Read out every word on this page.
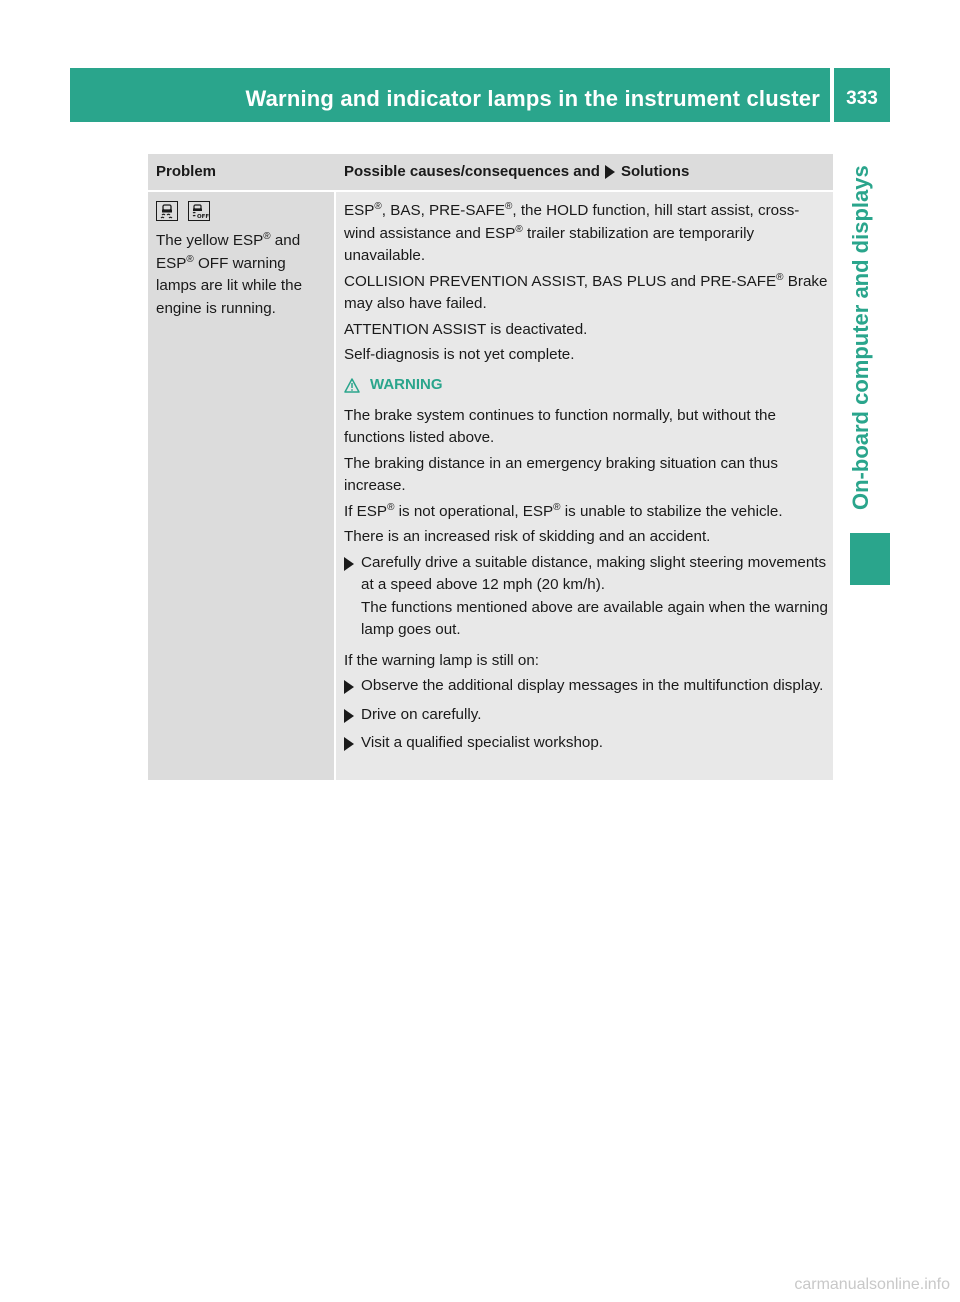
Warning and indicator lamps in the instrument cluster	333
On-board computer and displays
Problem	Possible causes/consequences and Solutions
OFF

The yellow ESP® and
ESP® OFF warning
lamps are lit while the
engine is running.

ESP®, BAS, PRE-SAFE®, the HOLD function, hill start assist, cross-wind assistance and ESP® trailer stabilization are temporarily unavailable.

COLLISION PREVENTION ASSIST, BAS PLUS and PRE-SAFE® Brake may also have failed.

ATTENTION ASSIST is deactivated.

Self-diagnosis is not yet complete.

WARNING

The brake system continues to function normally, but without the functions listed above.

The braking distance in an emergency braking situation can thus increase.

If ESP® is not operational, ESP® is unable to stabilize the vehicle.

There is an increased risk of skidding and an accident.

Carefully drive a suitable distance, making slight steering movements at a speed above 12 mph (20 km/h).
The functions mentioned above are available again when the warning lamp goes out.

If the warning lamp is still on:

Observe the additional display messages in the multifunction display.
Drive on carefully.
Visit a qualified specialist workshop.
carmanualsonline.info
